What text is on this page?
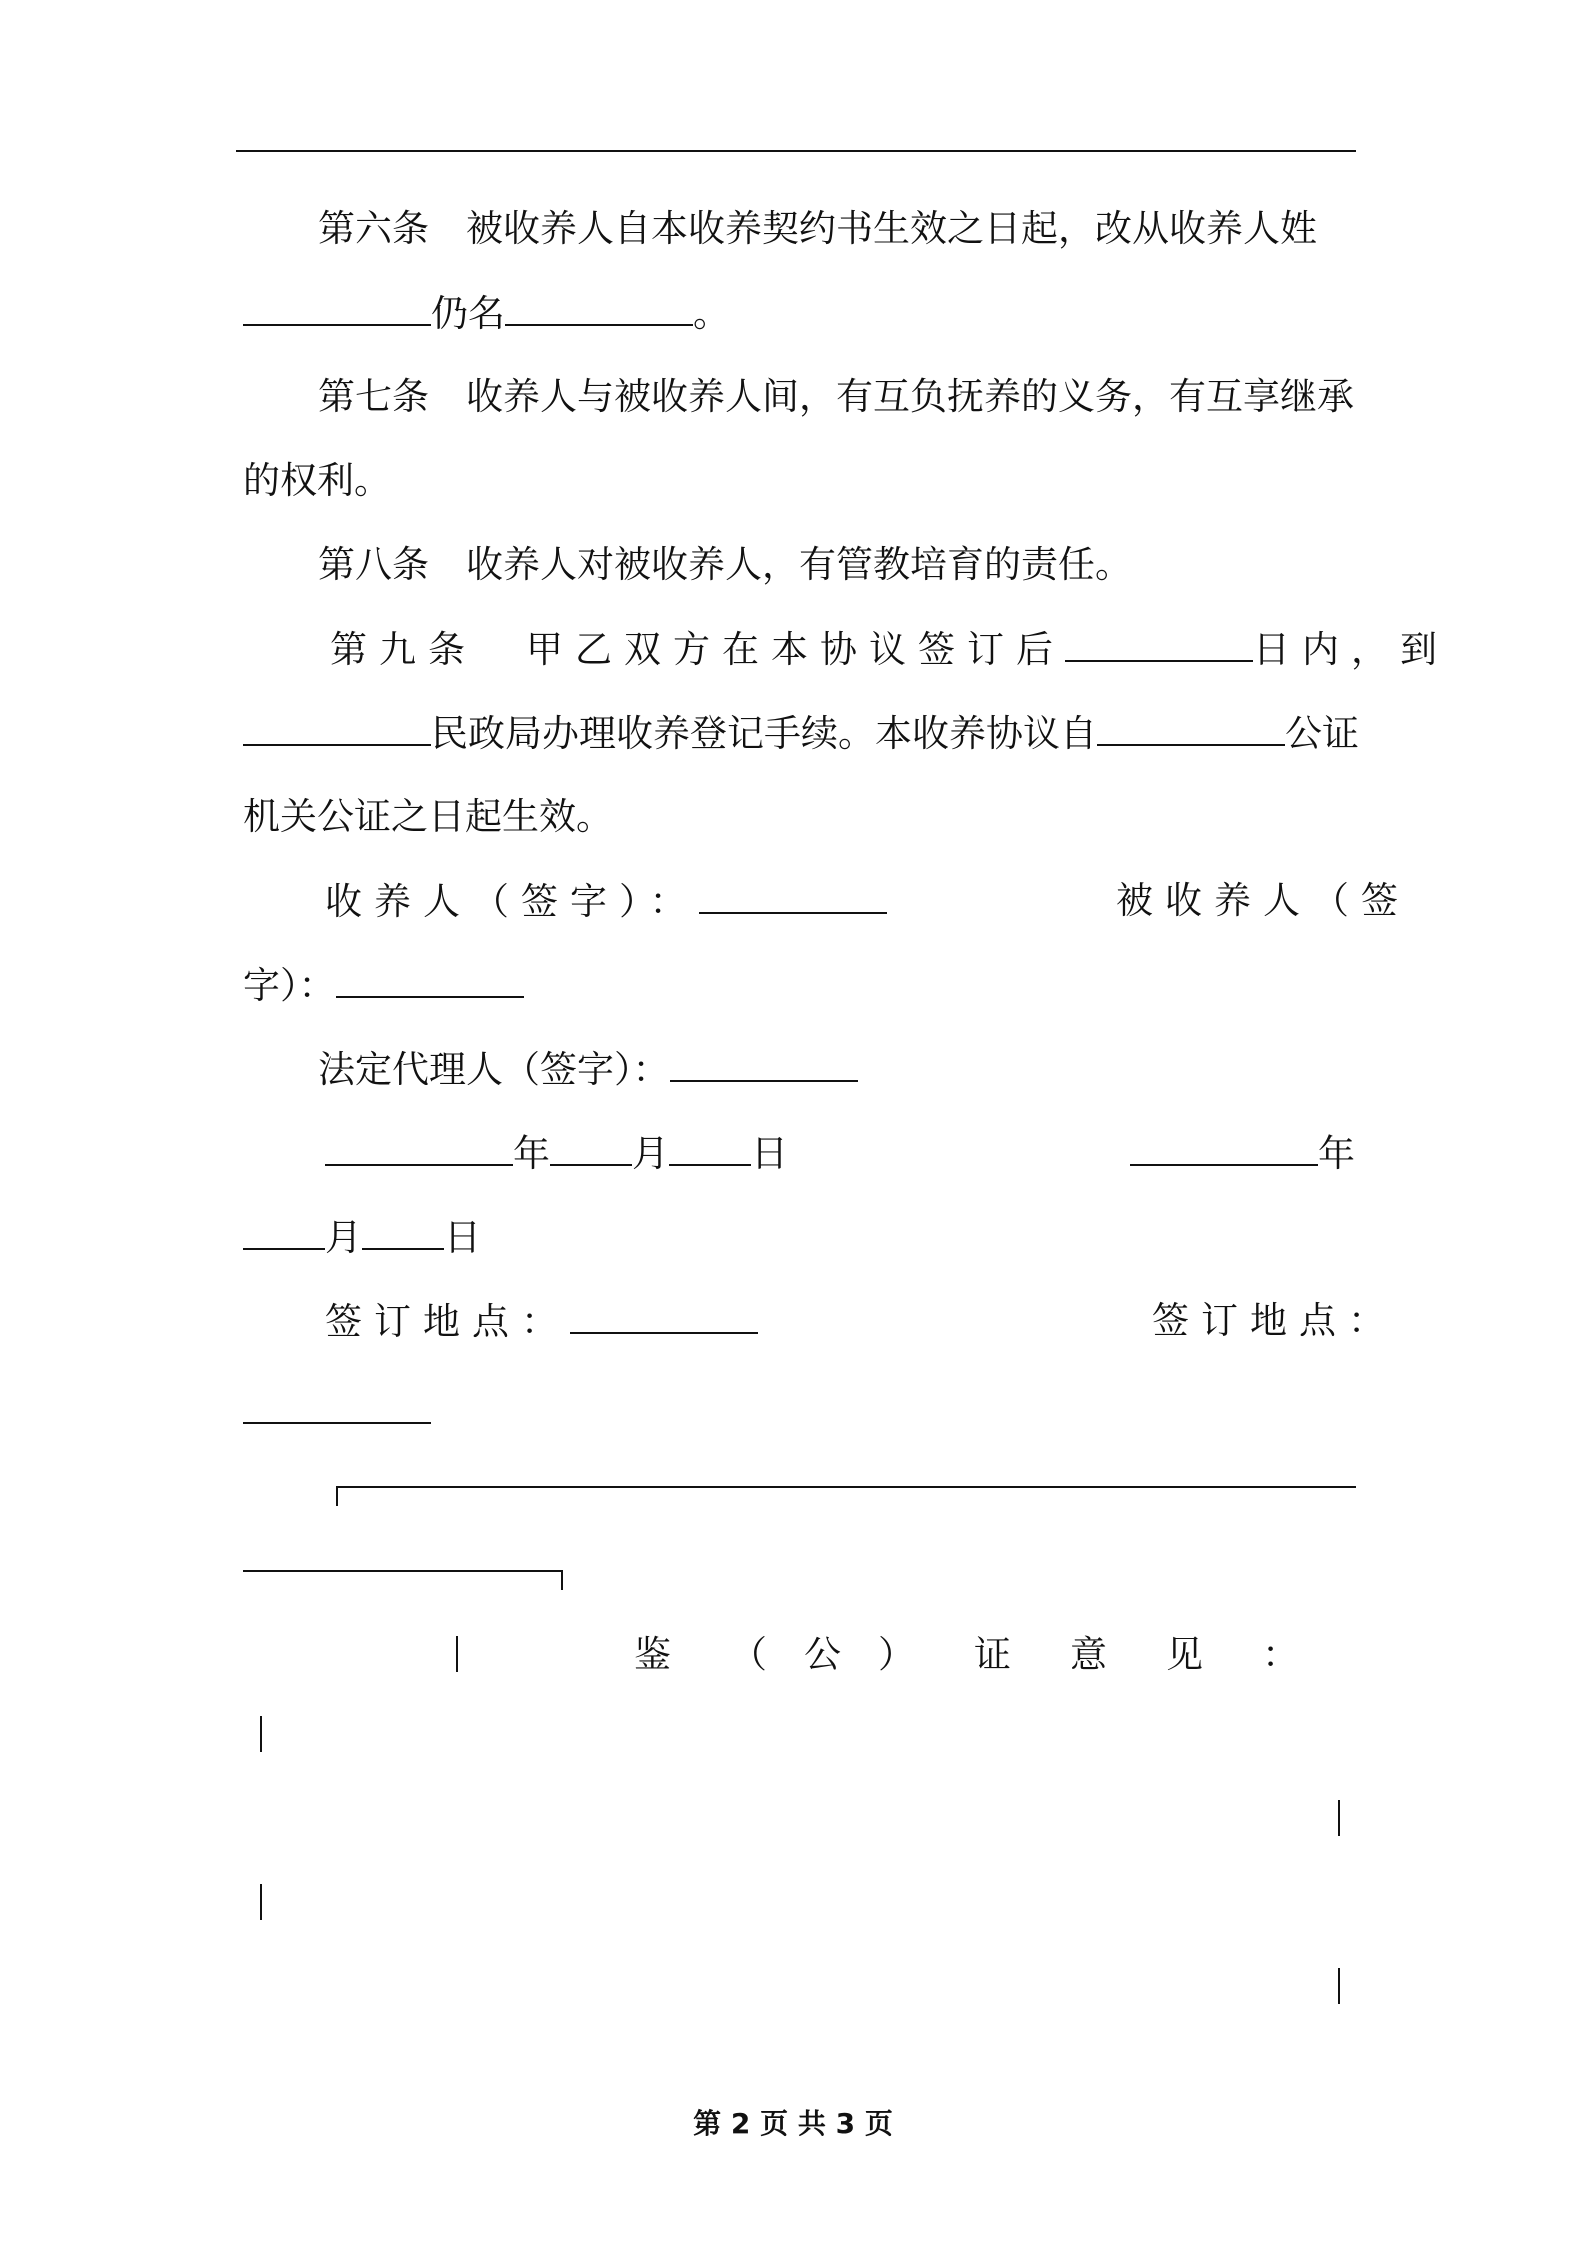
第六条　被收养人自本收养契约书生效之日起，改从收养人姓
仍名	。
第七条　收养人与被收养人间，有互负抚养的义务，有互享继承
的权利。
第八条　收养人对被收养人，有管教培育的责任。
第九条　甲乙双方在本协议签订后	日内，到
民政局办理收养登记手续。本收养协议自	公证
机关公证之日起生效。
收养人（签字）：	被收养人（签
字）：
法定代理人（签字）：
年 月 日	年
月 日
签订地点：	签订地点：
鉴 （ 公 ） 证 意 见 ：
第 2 页 共 3 页
